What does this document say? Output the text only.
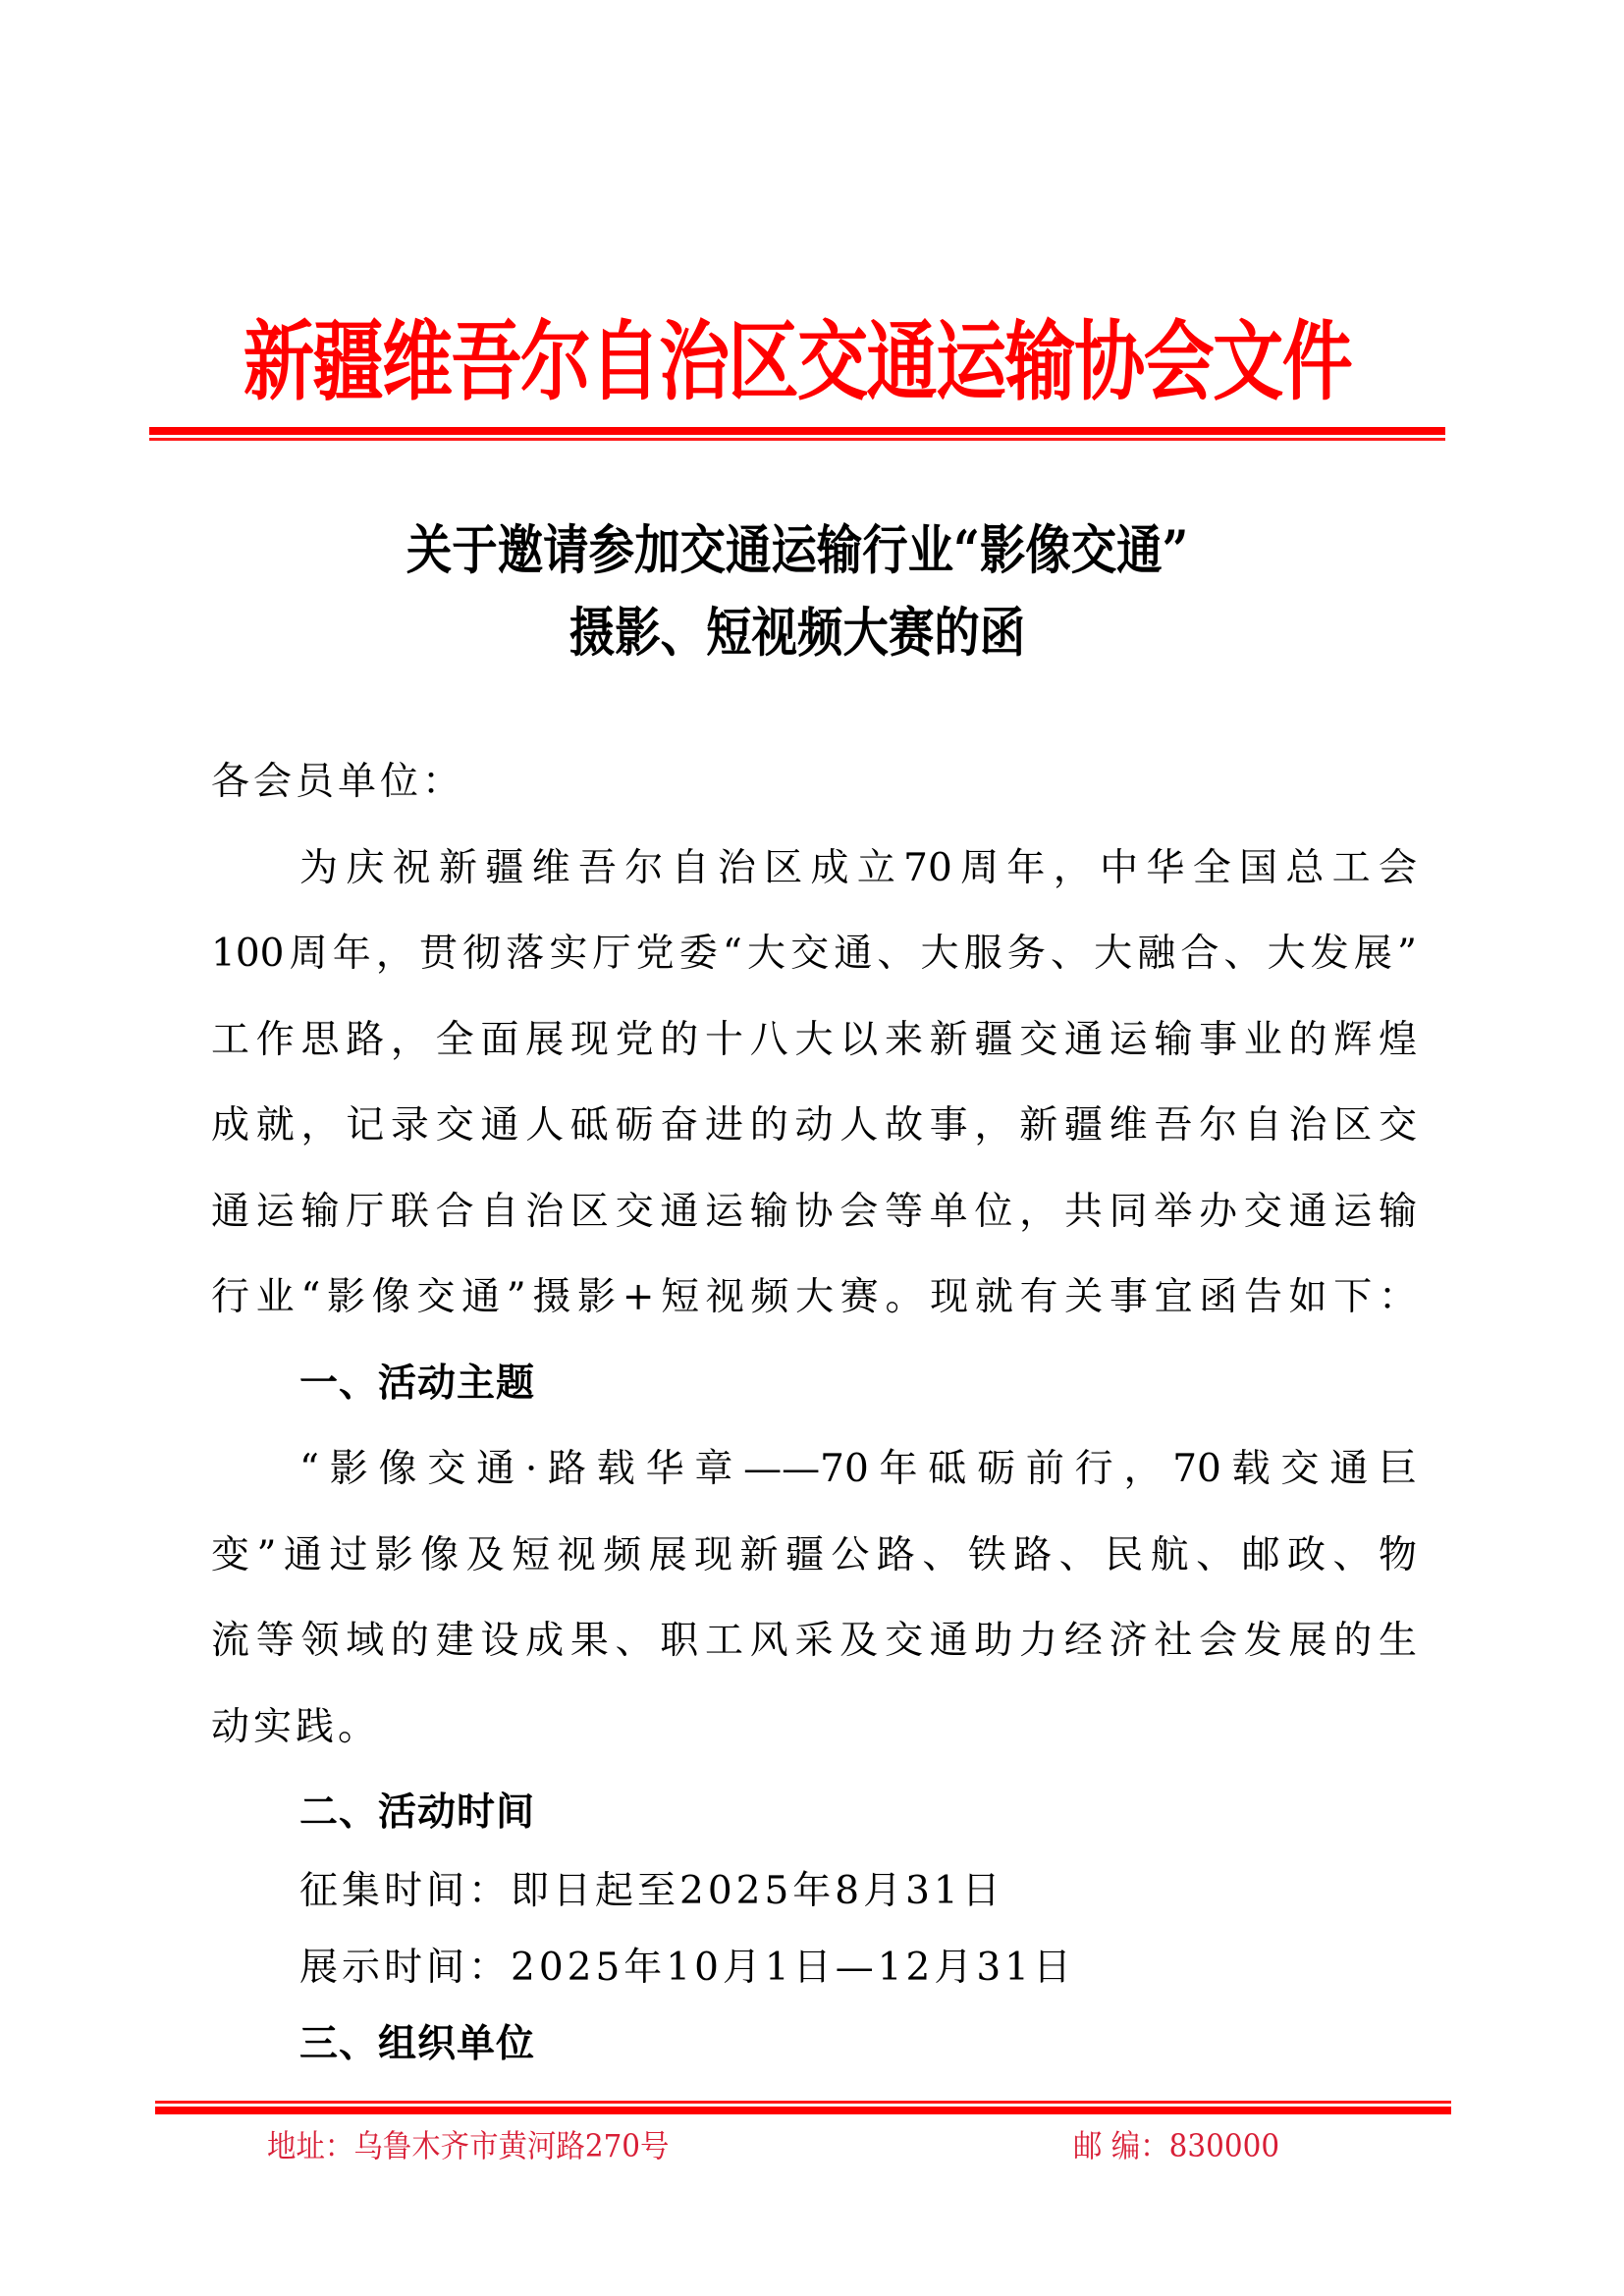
新疆维吾尔自治区交通运输协会文件
关于邀请参加交通运输行业“影像交通”
摄影、短视频大赛的函
各会员单位：
为庆祝新疆维吾尔自治区成立70周年，中华全国总工会
100周年，贯彻落实厅党委“大交通、大服务、大融合、大发展”
工作思路，全面展现党的十八大以来新疆交通运输事业的辉煌
成就，记录交通人砥砺奋进的动人故事，新疆维吾尔自治区交
通运输厅联合自治区交通运输协会等单位，共同举办交通运输
行业“影像交通”摄影+短视频大赛。现就有关事宜函告如下：
一、活动主题
“影像交通·路载华章——70年砥砺前行，70载交通巨
变”通过影像及短视频展现新疆公路、铁路、民航、邮政、物
流等领域的建设成果、职工风采及交通助力经济社会发展的生
动实践。
二、活动时间
征集时间：即日起至2025年8月31日
展示时间：2025年10月1日—12月31日
三、组织单位
地址：乌鲁木齐市黄河路270号	邮 编：830000
